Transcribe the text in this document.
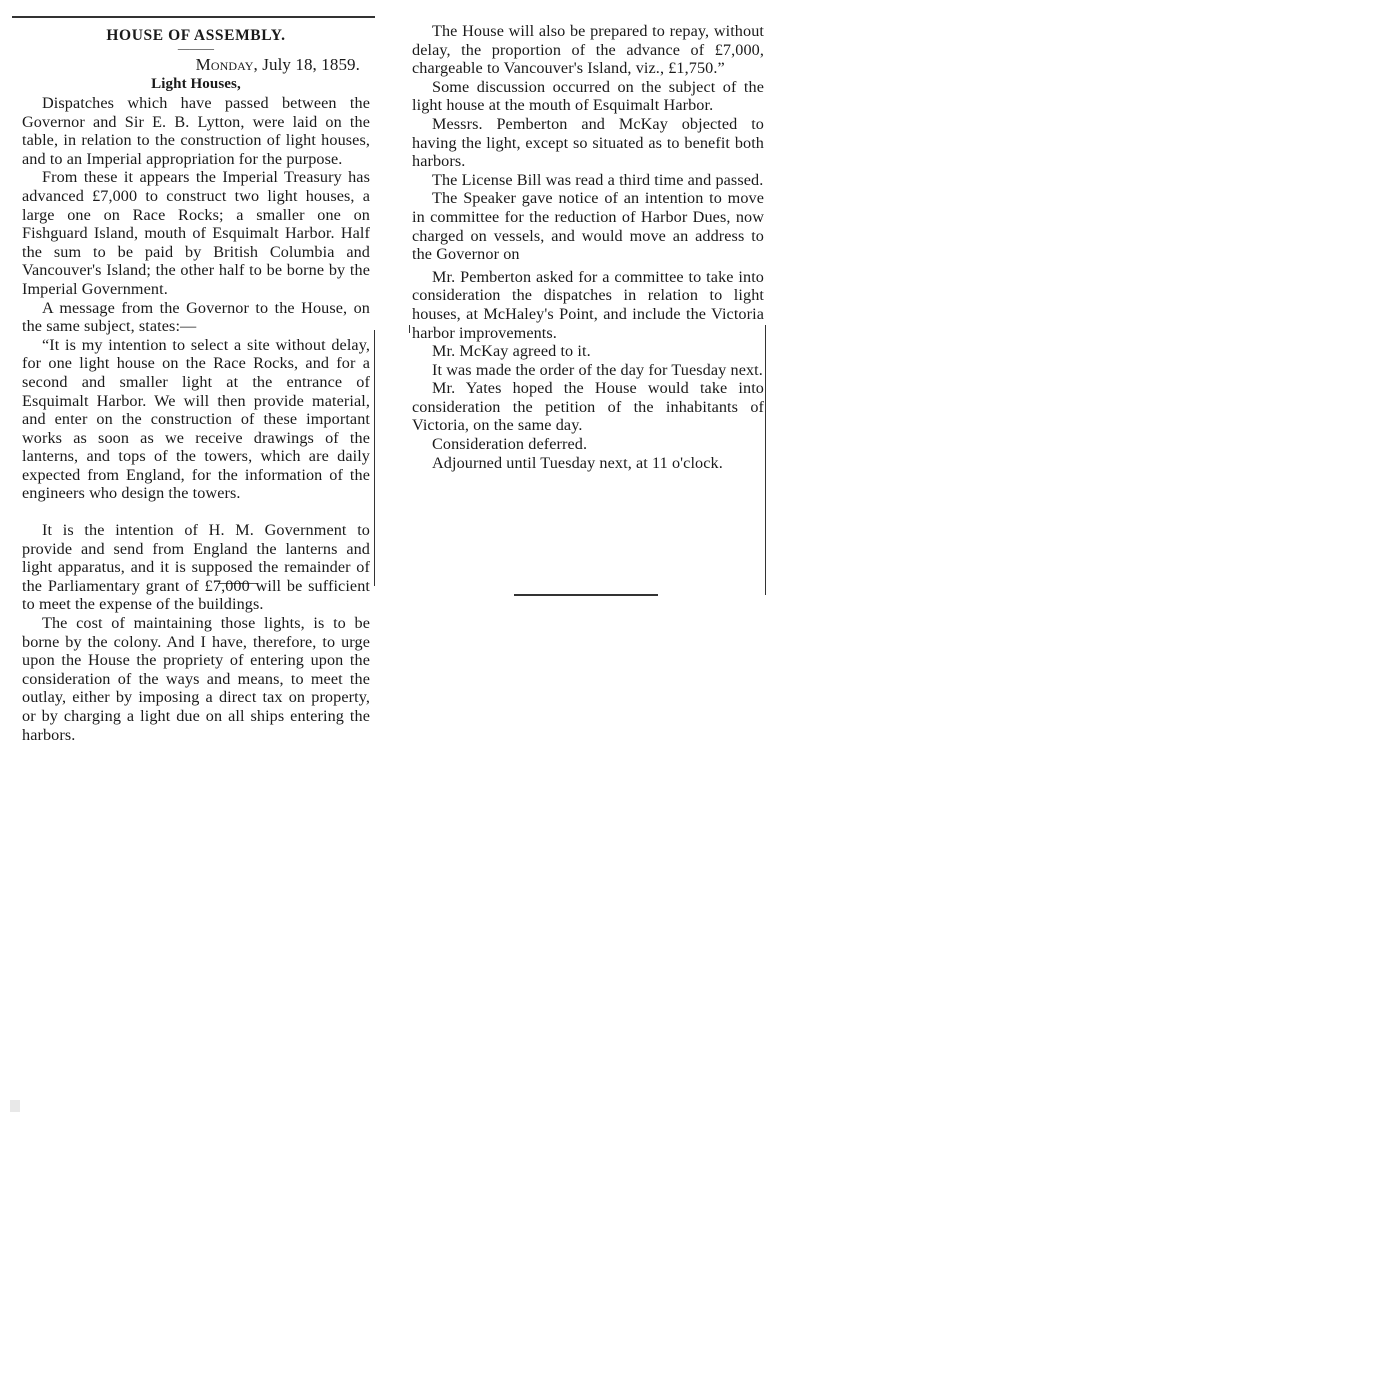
HOUSE OF ASSEMBLY.
———
Monday, July 18, 1859.
Light Houses,

Dispatches which have passed between the Governor and Sir E. B. Lytton, were laid on the table, in relation to the construction of light houses, and to an Imperial appropriation for the purpose.

From these it appears the Imperial Treasury has advanced £7,000 to construct two light houses, a large one on Race Rocks; a smaller one on Fishguard Island, mouth of Esquimalt Harbor. Half the sum to be paid by British Columbia and Vancouver's Island; the other half to be borne by the Imperial Government.

A message from the Governor to the House, on the same subject, states:—

“It is my intention to select a site without delay, for one light house on the Race Rocks, and for a second and smaller light at the entrance of Esquimalt Harbor. We will then provide material, and enter on the construction of these important works as soon as we receive drawings of the lanterns, and tops of the towers, which are daily expected from England, for the information of the engineers who design the towers.

It is the intention of H. M. Government to provide and send from England the lanterns and light apparatus, and it is supposed the remainder of the Parliamentary grant of £7,000 will be sufficient to meet the expense of the buildings.

The cost of maintaining those lights, is to be borne by the colony. And I have, therefore, to urge upon the House the propriety of entering upon the consideration of the ways and means, to meet the outlay, either by imposing a direct tax on property, or by charging a light due on all ships entering the harbors.

The House will also be prepared to repay, without delay, the proportion of the advance of £7,000, chargeable to Vancouver's Island, viz., £1,750.”

Some discussion occurred on the subject of the light house at the mouth of Esquimalt Harbor.

Messrs. Pemberton and McKay objected to having the light, except so situated as to benefit both harbors.

The License Bill was read a third time and passed.

The Speaker gave notice of an intention to move in committee for the reduction of Harbor Dues, now charged on vessels, and would move an address to the Governor on

Mr. Pemberton asked for a committee to take into consideration the dispatches in relation to light houses, at McHaley's Point, and include the Victoria harbor improvements.

Mr. McKay agreed to it.

It was made the order of the day for Tuesday next.

Mr. Yates hoped the House would take into consideration the petition of the inhabitants of Victoria, on the same day.

Consideration deferred.

Adjourned until Tuesday next, at 11 o'clock.
